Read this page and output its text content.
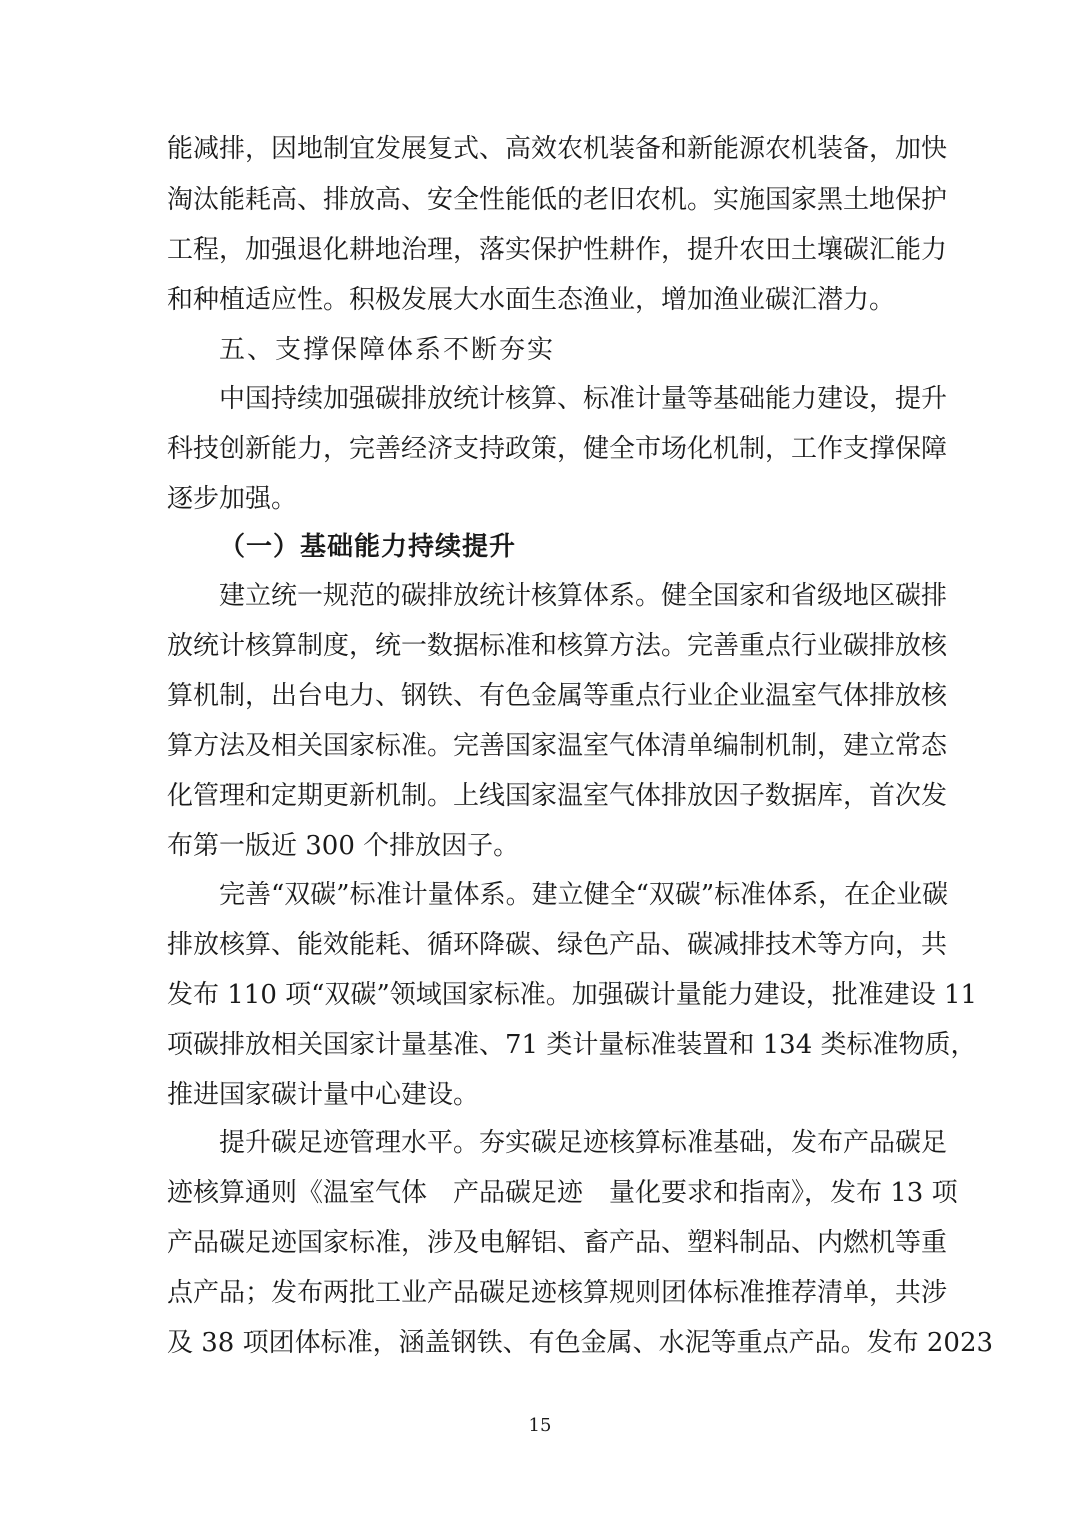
能减排，因地制宜发展复式、高效农机装备和新能源农机装备，加快
淘汰能耗高、排放高、安全性能低的老旧农机。实施国家黑土地保护
工程，加强退化耕地治理，落实保护性耕作，提升农田土壤碳汇能力
和种植适应性。积极发展大水面生态渔业，增加渔业碳汇潜力。
五、支撑保障体系不断夯实
中国持续加强碳排放统计核算、标准计量等基础能力建设，提升
科技创新能力，完善经济支持政策，健全市场化机制，工作支撑保障
逐步加强。
（一）基础能力持续提升
建立统一规范的碳排放统计核算体系。健全国家和省级地区碳排
放统计核算制度，统一数据标准和核算方法。完善重点行业碳排放核
算机制，出台电力、钢铁、有色金属等重点行业企业温室气体排放核
算方法及相关国家标准。完善国家温室气体清单编制机制，建立常态
化管理和定期更新机制。上线国家温室气体排放因子数据库，首次发
布第一版近 300 个排放因子。
完善“双碳”标准计量体系。建立健全“双碳”标准体系，在企业碳
排放核算、能效能耗、循环降碳、绿色产品、碳减排技术等方向，共
发布 110 项“双碳”领域国家标准。加强碳计量能力建设，批准建设 11
项碳排放相关国家计量基准、71 类计量标准装置和 134 类标准物质，
推进国家碳计量中心建设。
提升碳足迹管理水平。夯实碳足迹核算标准基础，发布产品碳足
迹核算通则《温室气体　产品碳足迹　量化要求和指南》，发布 13 项
产品碳足迹国家标准，涉及电解铝、畜产品、塑料制品、内燃机等重
点产品；发布两批工业产品碳足迹核算规则团体标准推荐清单，共涉
及 38 项团体标准，涵盖钢铁、有色金属、水泥等重点产品。发布 2023
15
